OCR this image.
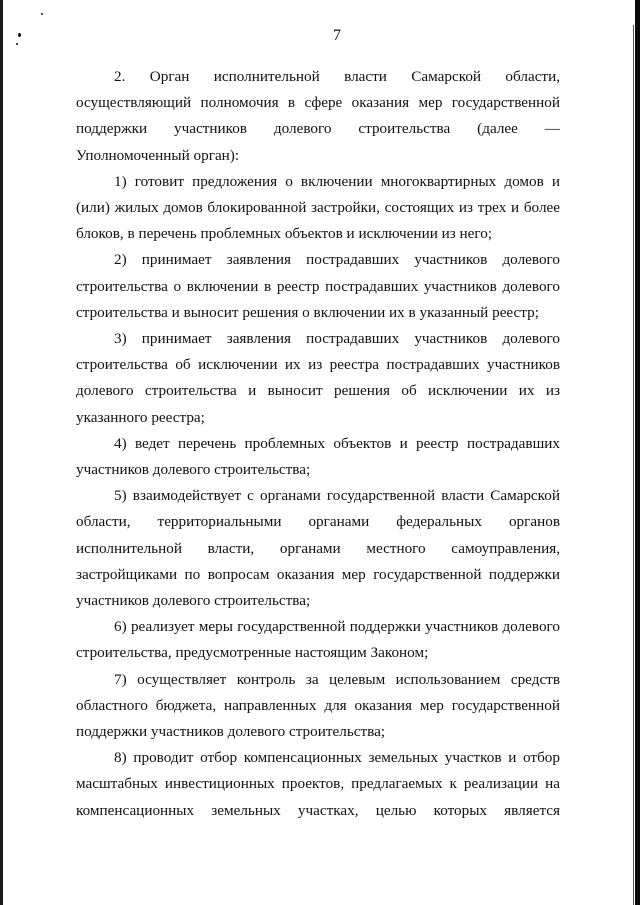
7

2. Орган исполнительной власти Самарской области, осуществляющий полномочия в сфере оказания мер государственной поддержки участников долевого строительства (далее — Уполномоченный орган):

1) готовит предложения о включении многоквартирных домов и (или) жилых домов блокированной застройки, состоящих из трех и более блоков, в перечень проблемных объектов и исключении из него;

2) принимает заявления пострадавших участников долевого строительства о включении в реестр пострадавших участников долевого строительства и выносит решения о включении их в указанный реестр;

3) принимает заявления пострадавших участников долевого строительства об исключении их из реестра пострадавших участников долевого строительства и выносит решения об исключении их из указанного реестра;

4) ведет перечень проблемных объектов и реестр пострадавших участников долевого строительства;

5) взаимодействует с органами государственной власти Самарской области, территориальными органами федеральных органов исполнительной власти, органами местного самоуправления, застройщиками по вопросам оказания мер государственной поддержки участников долевого строительства;

6) реализует меры государственной поддержки участников долевого строительства, предусмотренные настоящим Законом;

7) осуществляет контроль за целевым использованием средств областного бюджета, направленных для оказания мер государственной поддержки участников долевого строительства;

8) проводит отбор компенсационных земельных участков и отбор масштабных инвестиционных проектов, предлагаемых к реализации на компенсационных земельных участках, целью которых является
